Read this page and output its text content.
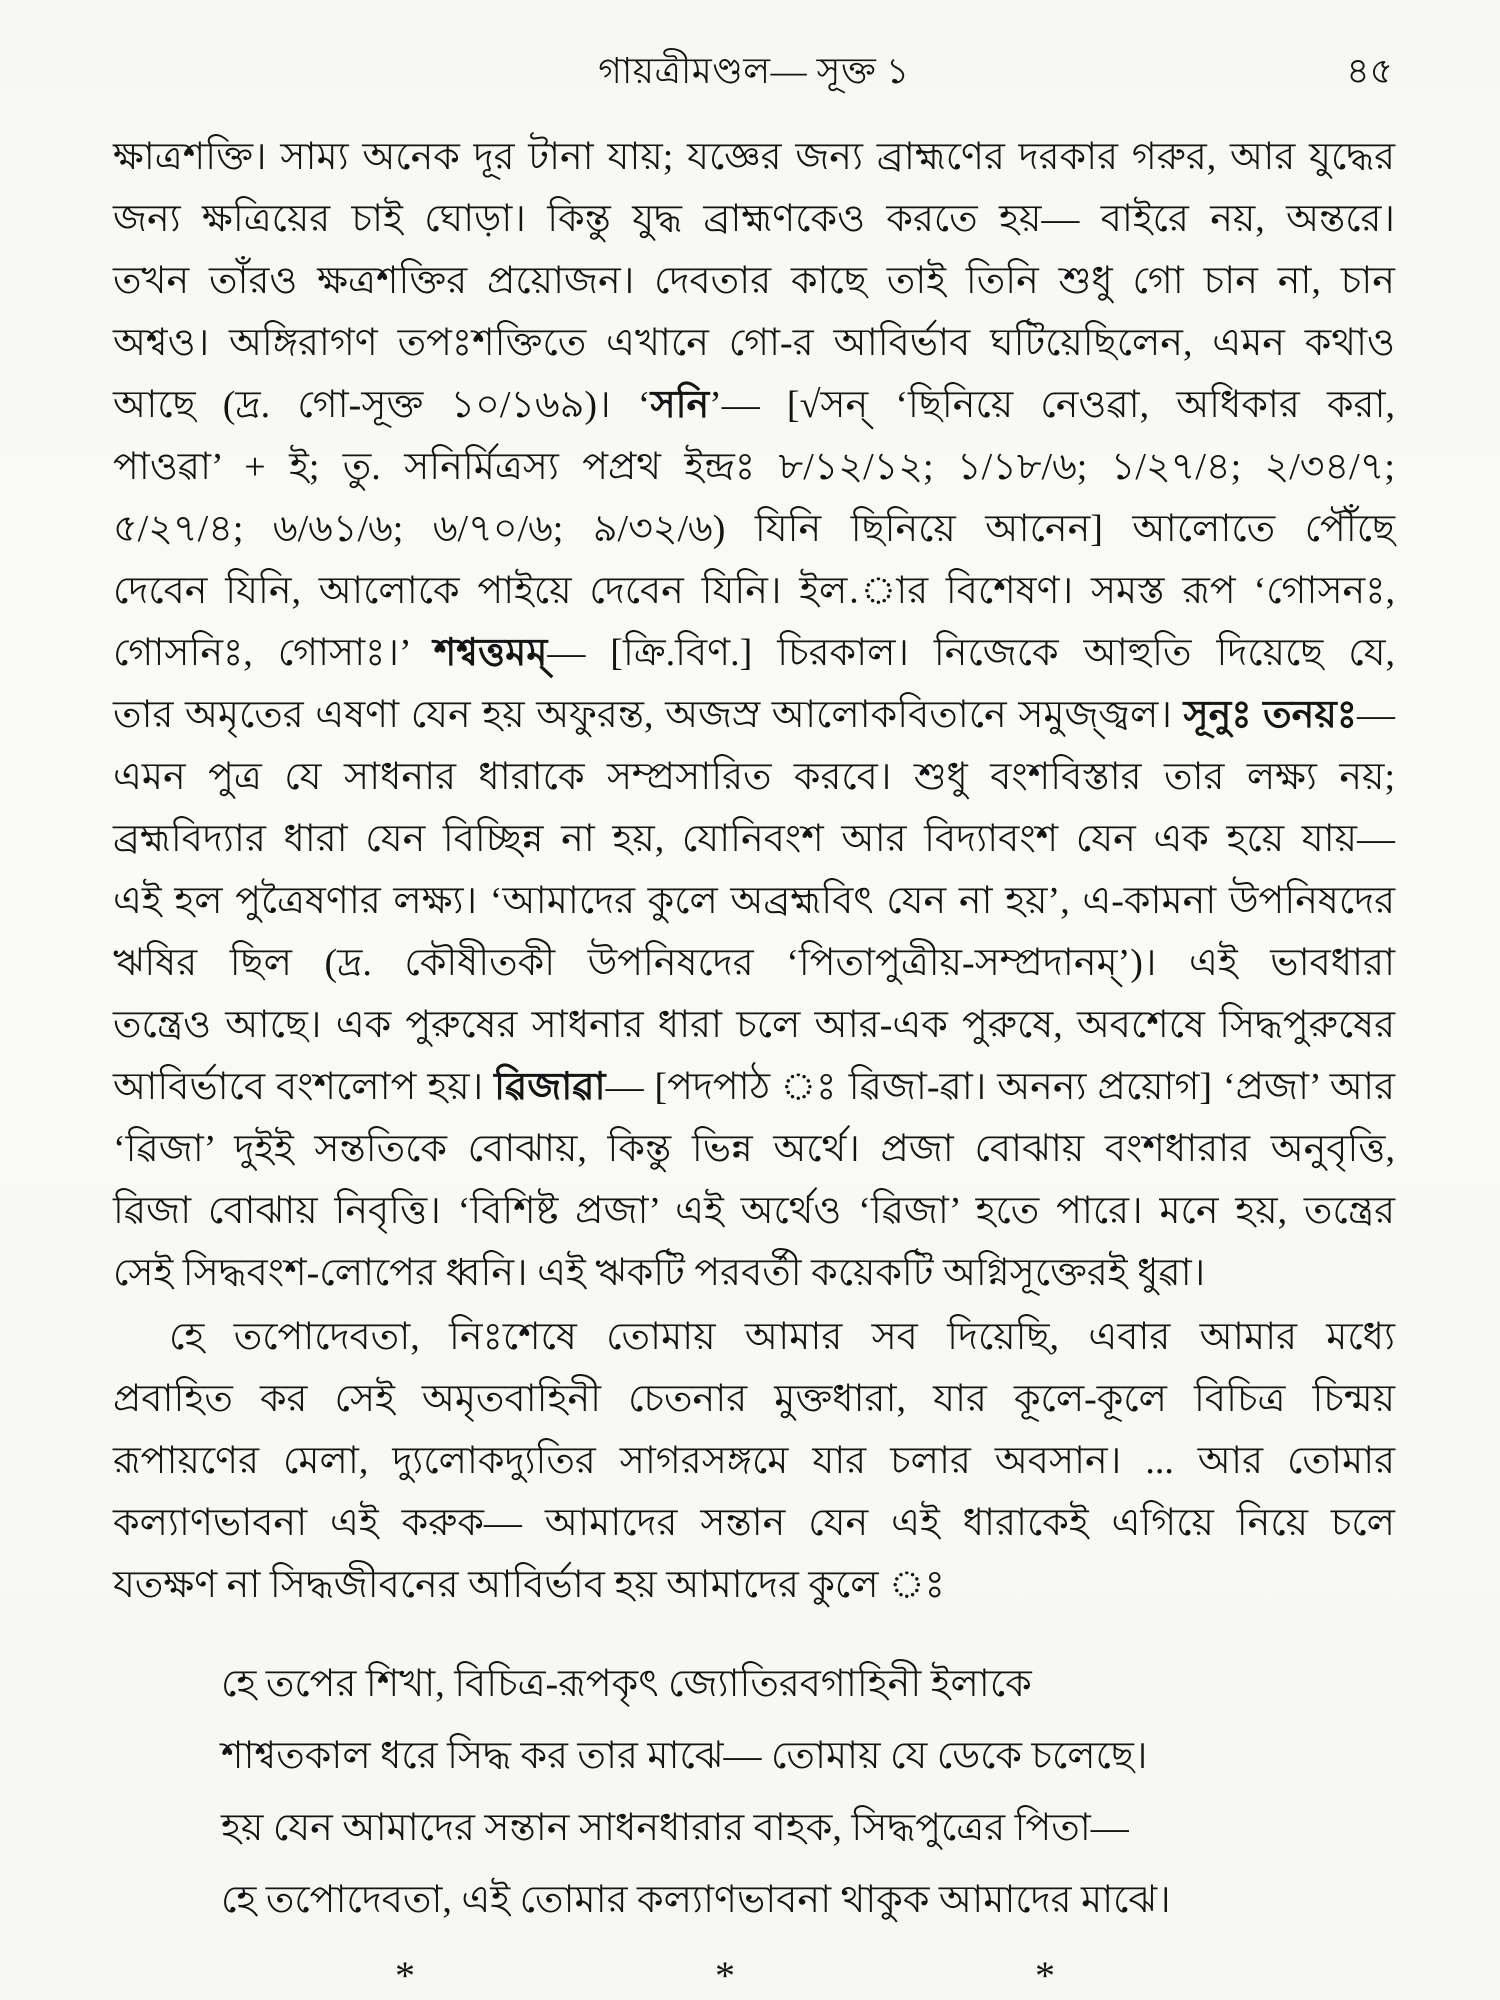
গায়ত্রীমণ্ডল— সূক্ত ১	৪৫
ক্ষাত্রশক্তি। সাম্য অনেক দূর টানা যায়; যজ্ঞের জন্য ব্রাহ্মণের দরকার গরুর, আর যুদ্ধের
জন্য ক্ষত্রিয়ের চাই ঘোড়া। কিন্তু যুদ্ধ ব্রাহ্মণকেও করতে হয়— বাইরে নয়, অন্তরে।
তখন তাঁরও ক্ষত্রশক্তির প্রয়োজন। দেবতার কাছে তাই তিনি শুধু গো চান না, চান
অশ্বও। অঙ্গিরাগণ তপঃশক্তিতে এখানে গো-র আবির্ভাব ঘটিয়েছিলেন, এমন কথাও
আছে (দ্র. গো-সূক্ত ১০/১৬৯)। ‘সনি’— [√সন্ ‘ছিনিয়ে নেওৱা, অধিকার করা,
পাওৱা’ + ই; তু. সনির্মিত্রস্য পপ্রথ ইন্দ্রঃ ৮/১২/১২; ১/১৮/৬; ১/২৭/৪; ২/৩৪/৭;
৫/২৭/৪; ৬/৬১/৬; ৬/৭০/৬; ৯/৩২/৬) যিনি ছিনিয়ে আনেন] আলোতে পৌঁছে
দেবেন যিনি, আলোকে পাইয়ে দেবেন যিনি। ইল.ার বিশেষণ। সমস্ত রূপ ‘গোসনঃ,
গোসনিঃ, গোসাঃ।’ শশ্বত্তমম্— [ক্রি.বিণ.] চিরকাল। নিজেকে আহুতি দিয়েছে যে,
তার অমৃতের এষণা যেন হয় অফুরন্ত, অজস্র আলোকবিতানে সমুজ্জ্বল। সূনুঃ তনয়ঃ—
এমন পুত্র যে সাধনার ধারাকে সম্প্রসারিত করবে। শুধু বংশবিস্তার তার লক্ষ্য নয়;
ব্রহ্মবিদ্যার ধারা যেন বিচ্ছিন্ন না হয়, যোনিবংশ আর বিদ্যাবংশ যেন এক হয়ে যায়—
এই হল পুত্রৈষণার লক্ষ্য। ‘আমাদের কুলে অব্রহ্মবিৎ যেন না হয়’, এ-কামনা উপনিষদের
ঋষির ছিল (দ্র. কৌষীতকী উপনিষদের ‘পিতাপুত্রীয়-সম্প্রদানম্’)। এই ভাবধারা
তন্ত্রেও আছে। এক পুরুষের সাধনার ধারা চলে আর-এক পুরুষে, অবশেষে সিদ্ধপুরুষের
আবির্ভাবে বংশলোপ হয়। ৱিজাৱা— [পদপাঠ ঃ ৱিজা-ৱা। অনন্য প্রয়োগ] ‘প্রজা’ আর
‘ৱিজা’ দুইই সন্ততিকে বোঝায়, কিন্তু ভিন্ন অর্থে। প্রজা বোঝায় বংশধারার অনুবৃত্তি,
ৱিজা বোঝায় নিবৃত্তি। ‘বিশিষ্ট প্রজা’ এই অর্থেও ‘ৱিজা’ হতে পারে। মনে হয়, তন্ত্রের
সেই সিদ্ধবংশ-লোপের ধ্বনি। এই ঋকটি পরবর্তী কয়েকটি অগ্নিসূক্তেরই ধুৱা।
হে তপোদেবতা, নিঃশেষে তোমায় আমার সব দিয়েছি, এবার আমার মধ্যে
প্রবাহিত কর সেই অমৃতবাহিনী চেতনার মুক্তধারা, যার কূলে-কূলে বিচিত্র চিন্ময়
রূপায়ণের মেলা, দ্যুলোকদ্যুতির সাগরসঙ্গমে যার চলার অবসান। ... আর তোমার
কল্যাণভাবনা এই করুক— আমাদের সন্তান যেন এই ধারাকেই এগিয়ে নিয়ে চলে
যতক্ষণ না সিদ্ধজীবনের আবির্ভাব হয় আমাদের কুলে ঃ
হে তপের শিখা, বিচিত্র-রূপকৃৎ জ্যোতিরবগাহিনী ইলাকে
শাশ্বতকাল ধরে সিদ্ধ কর তার মাঝে— তোমায় যে ডেকে চলেছে।
হয় যেন আমাদের সন্তান সাধনধারার বাহক, সিদ্ধপুত্রের পিতা—
হে তপোদেবতা, এই তোমার কল্যাণভাবনা থাকুক আমাদের মাঝে।
*	*	*
